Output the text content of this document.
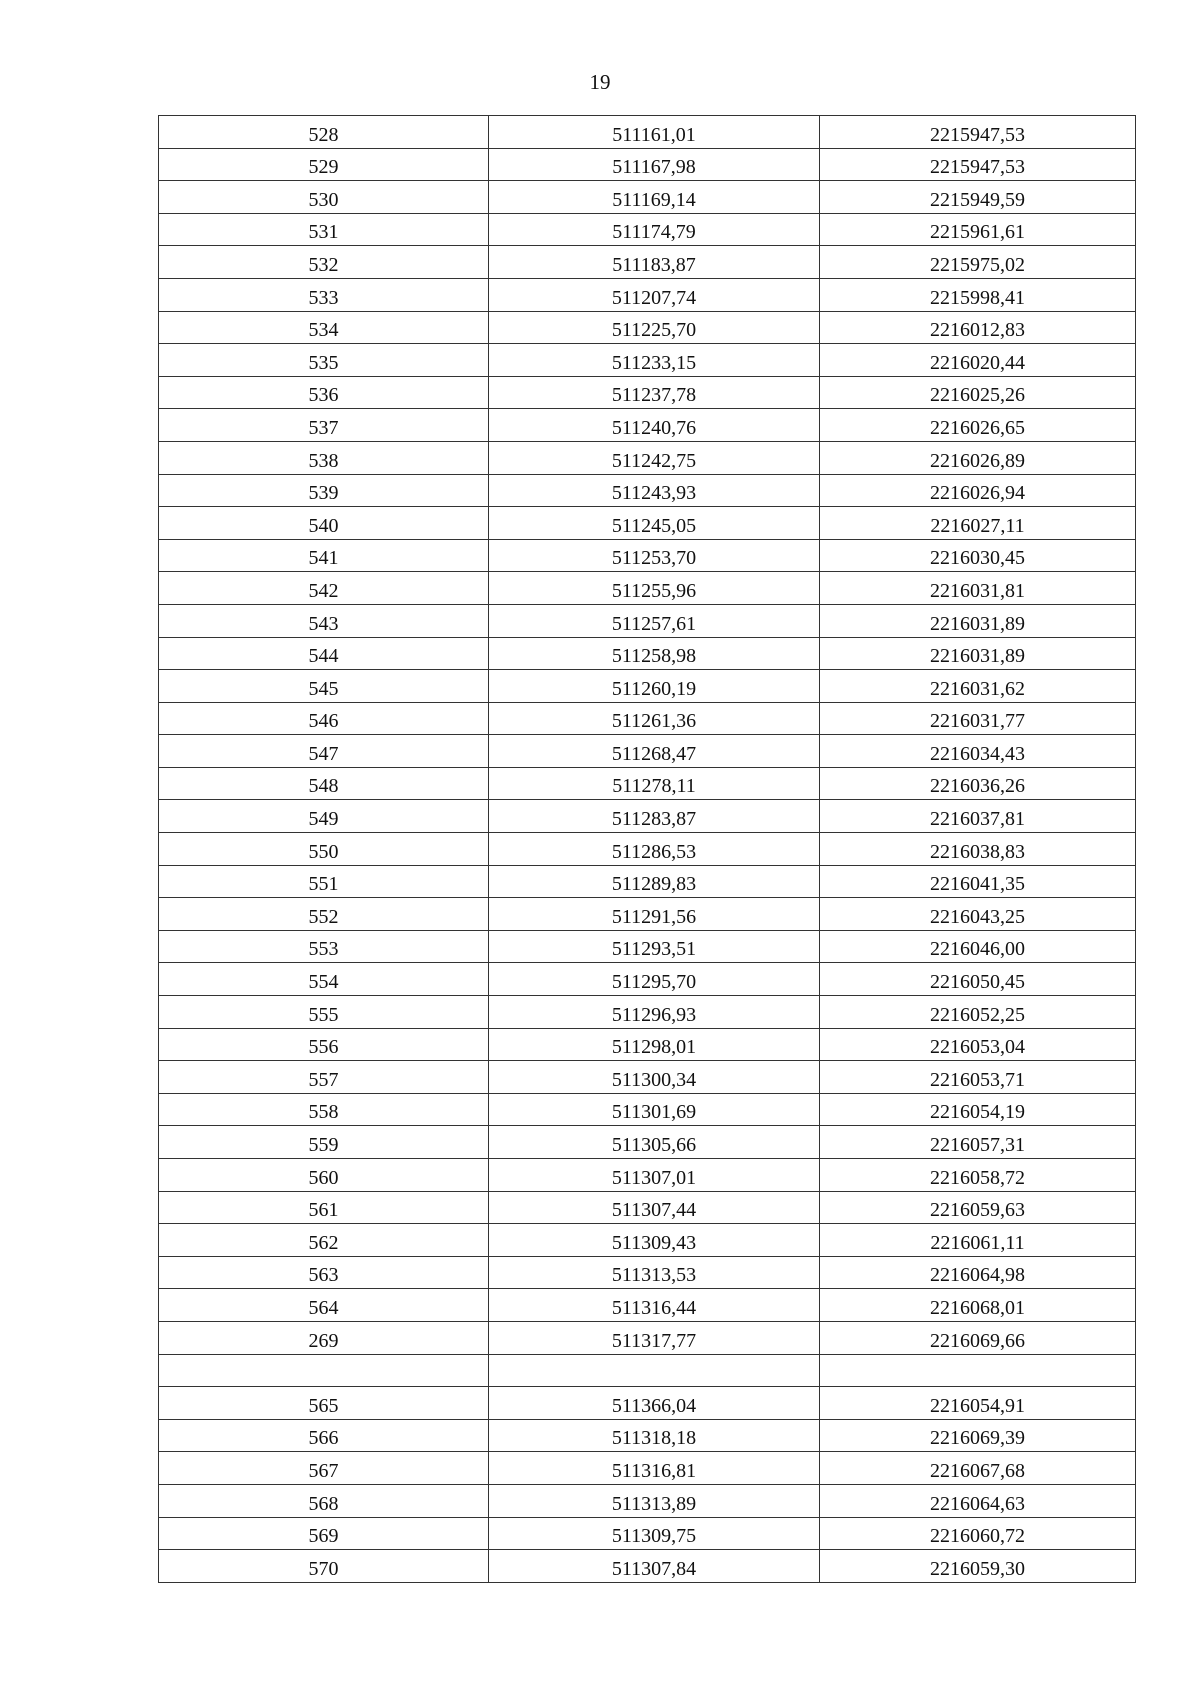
19
528	511161,01	2215947,53
529	511167,98	2215947,53
530	511169,14	2215949,59
531	511174,79	2215961,61
532	511183,87	2215975,02
533	511207,74	2215998,41
534	511225,70	2216012,83
535	511233,15	2216020,44
536	511237,78	2216025,26
537	511240,76	2216026,65
538	511242,75	2216026,89
539	511243,93	2216026,94
540	511245,05	2216027,11
541	511253,70	2216030,45
542	511255,96	2216031,81
543	511257,61	2216031,89
544	511258,98	2216031,89
545	511260,19	2216031,62
546	511261,36	2216031,77
547	511268,47	2216034,43
548	511278,11	2216036,26
549	511283,87	2216037,81
550	511286,53	2216038,83
551	511289,83	2216041,35
552	511291,56	2216043,25
553	511293,51	2216046,00
554	511295,70	2216050,45
555	511296,93	2216052,25
556	511298,01	2216053,04
557	511300,34	2216053,71
558	511301,69	2216054,19
559	511305,66	2216057,31
560	511307,01	2216058,72
561	511307,44	2216059,63
562	511309,43	2216061,11
563	511313,53	2216064,98
564	511316,44	2216068,01
269	511317,77	2216069,66

565	511366,04	2216054,91
566	511318,18	2216069,39
567	511316,81	2216067,68
568	511313,89	2216064,63
569	511309,75	2216060,72
570	511307,84	2216059,30
